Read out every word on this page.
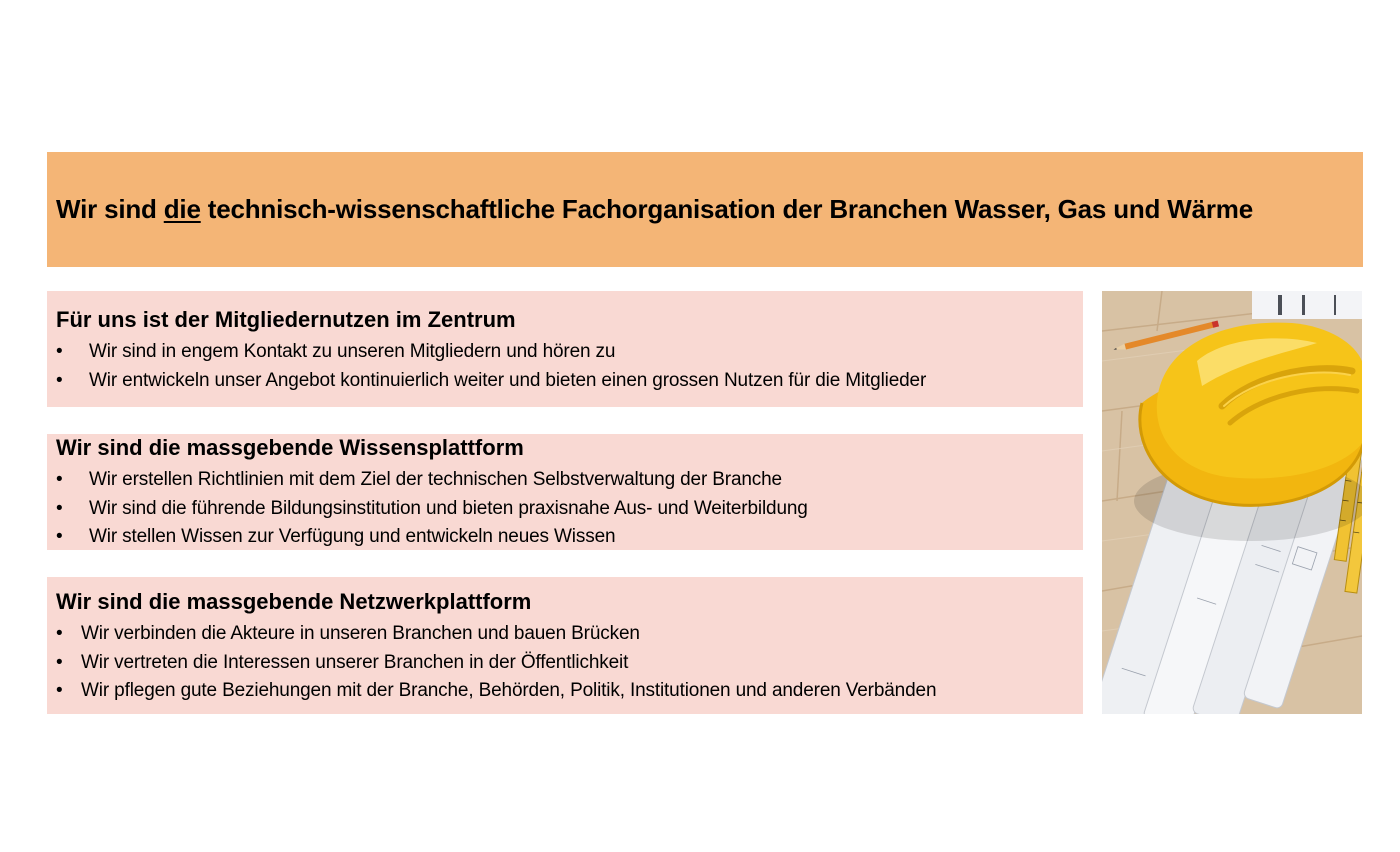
Wir sind die technisch-wissenschaftliche Fachorganisation der Branchen Wasser, Gas und Wärme
Für uns ist der Mitgliedernutzen im Zentrum
• Wir sind in engem Kontakt zu unseren Mitgliedern und hören zu
• Wir entwickeln unser Angebot kontinuierlich weiter und bieten einen grossen Nutzen für die Mitglieder
Wir sind die massgebende Wissensplattform
• Wir erstellen Richtlinien mit dem Ziel der technischen Selbstverwaltung der Branche
• Wir sind die führende Bildungsinstitution und bieten praxisnahe Aus- und Weiterbildung
• Wir stellen Wissen zur Verfügung und entwickeln neues Wissen
Wir sind die massgebende Netzwerkplattform
• Wir verbinden die Akteure in unseren Branchen und bauen Brücken
• Wir vertreten die Interessen unserer Branchen in der Öffentlichkeit
• Wir pflegen gute Beziehungen mit der Branche, Behörden, Politik, Institutionen und anderen Verbänden
